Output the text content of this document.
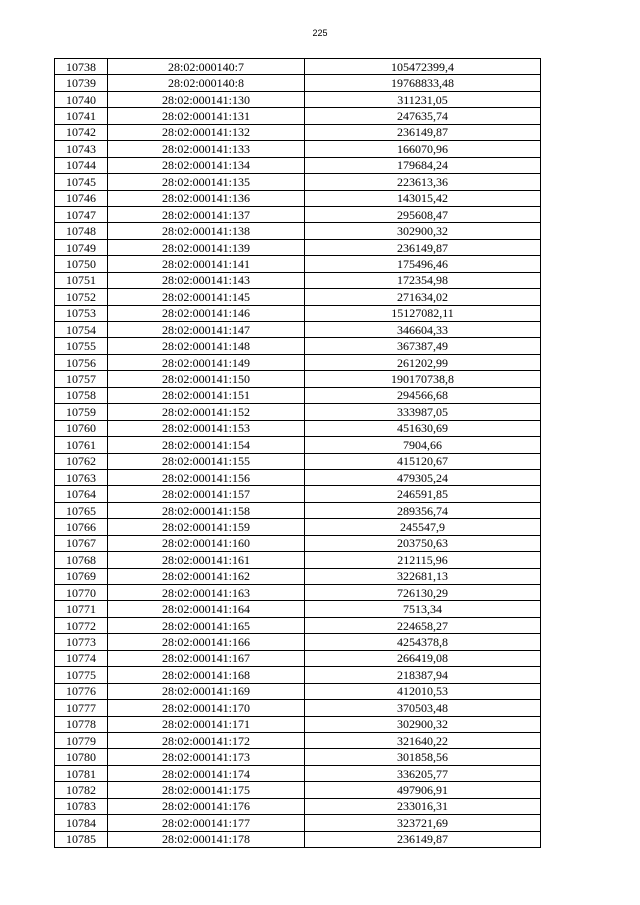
225
10738	28:02:000140:7	105472399,4
10739	28:02:000140:8	19768833,48
10740	28:02:000141:130	311231,05
10741	28:02:000141:131	247635,74
10742	28:02:000141:132	236149,87
10743	28:02:000141:133	166070,96
10744	28:02:000141:134	179684,24
10745	28:02:000141:135	223613,36
10746	28:02:000141:136	143015,42
10747	28:02:000141:137	295608,47
10748	28:02:000141:138	302900,32
10749	28:02:000141:139	236149,87
10750	28:02:000141:141	175496,46
10751	28:02:000141:143	172354,98
10752	28:02:000141:145	271634,02
10753	28:02:000141:146	15127082,11
10754	28:02:000141:147	346604,33
10755	28:02:000141:148	367387,49
10756	28:02:000141:149	261202,99
10757	28:02:000141:150	190170738,8
10758	28:02:000141:151	294566,68
10759	28:02:000141:152	333987,05
10760	28:02:000141:153	451630,69
10761	28:02:000141:154	7904,66
10762	28:02:000141:155	415120,67
10763	28:02:000141:156	479305,24
10764	28:02:000141:157	246591,85
10765	28:02:000141:158	289356,74
10766	28:02:000141:159	245547,9
10767	28:02:000141:160	203750,63
10768	28:02:000141:161	212115,96
10769	28:02:000141:162	322681,13
10770	28:02:000141:163	726130,29
10771	28:02:000141:164	7513,34
10772	28:02:000141:165	224658,27
10773	28:02:000141:166	4254378,8
10774	28:02:000141:167	266419,08
10775	28:02:000141:168	218387,94
10776	28:02:000141:169	412010,53
10777	28:02:000141:170	370503,48
10778	28:02:000141:171	302900,32
10779	28:02:000141:172	321640,22
10780	28:02:000141:173	301858,56
10781	28:02:000141:174	336205,77
10782	28:02:000141:175	497906,91
10783	28:02:000141:176	233016,31
10784	28:02:000141:177	323721,69
10785	28:02:000141:178	236149,87
